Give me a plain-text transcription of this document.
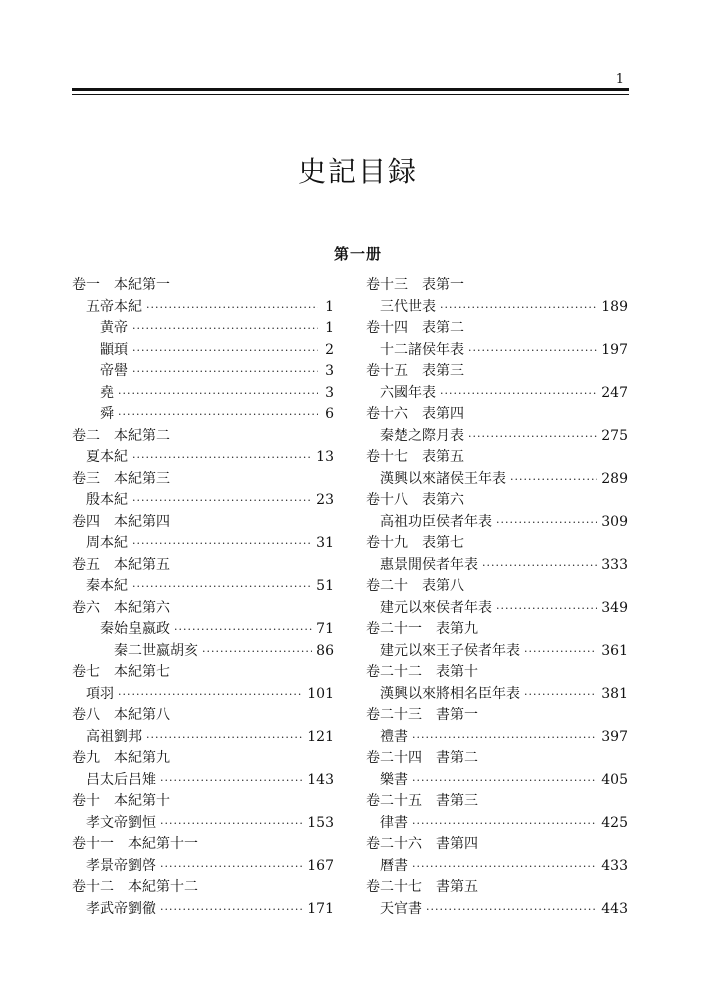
1
史記目録
第一册
卷一　本紀第一
五帝本紀 ·····	1
黄帝 ·····	1
顓頊 ·····	2
帝嚳 ·····	3
堯 ·····	3
舜 ·····	6
卷二　本紀第二
夏本紀 ·····	13
卷三　本紀第三
殷本紀 ·····	23
卷四　本紀第四
周本紀 ·····	31
卷五　本紀第五
秦本紀 ·····	51
卷六　本紀第六
秦始皇嬴政 ·····	71
秦二世嬴胡亥 ·····	86
卷七　本紀第七
項羽 ·····	101
卷八　本紀第八
高祖劉邦 ·····	121
卷九　本紀第九
吕太后吕雉 ·····	143
卷十　本紀第十
孝文帝劉恒 ·····	153
卷十一　本紀第十一
孝景帝劉啓 ·····	167
卷十二　本紀第十二
孝武帝劉徹 ·····	171
卷十三　表第一
三代世表 ·····	189
卷十四　表第二
十二諸侯年表 ·····	197
卷十五　表第三
六國年表 ·····	247
卷十六　表第四
秦楚之際月表 ·····	275
卷十七　表第五
漢興以來諸侯王年表 ·····	289
卷十八　表第六
高祖功臣侯者年表 ·····	309
卷十九　表第七
惠景閒侯者年表 ·····	333
卷二十　表第八
建元以來侯者年表 ·····	349
卷二十一　表第九
建元以來王子侯者年表 ·····	361
卷二十二　表第十
漢興以來將相名臣年表 ·····	381
卷二十三　書第一
禮書 ·····	397
卷二十四　書第二
樂書 ·····	405
卷二十五　書第三
律書 ·····	425
卷二十六　書第四
曆書 ·····	433
卷二十七　書第五
天官書 ·····	443
